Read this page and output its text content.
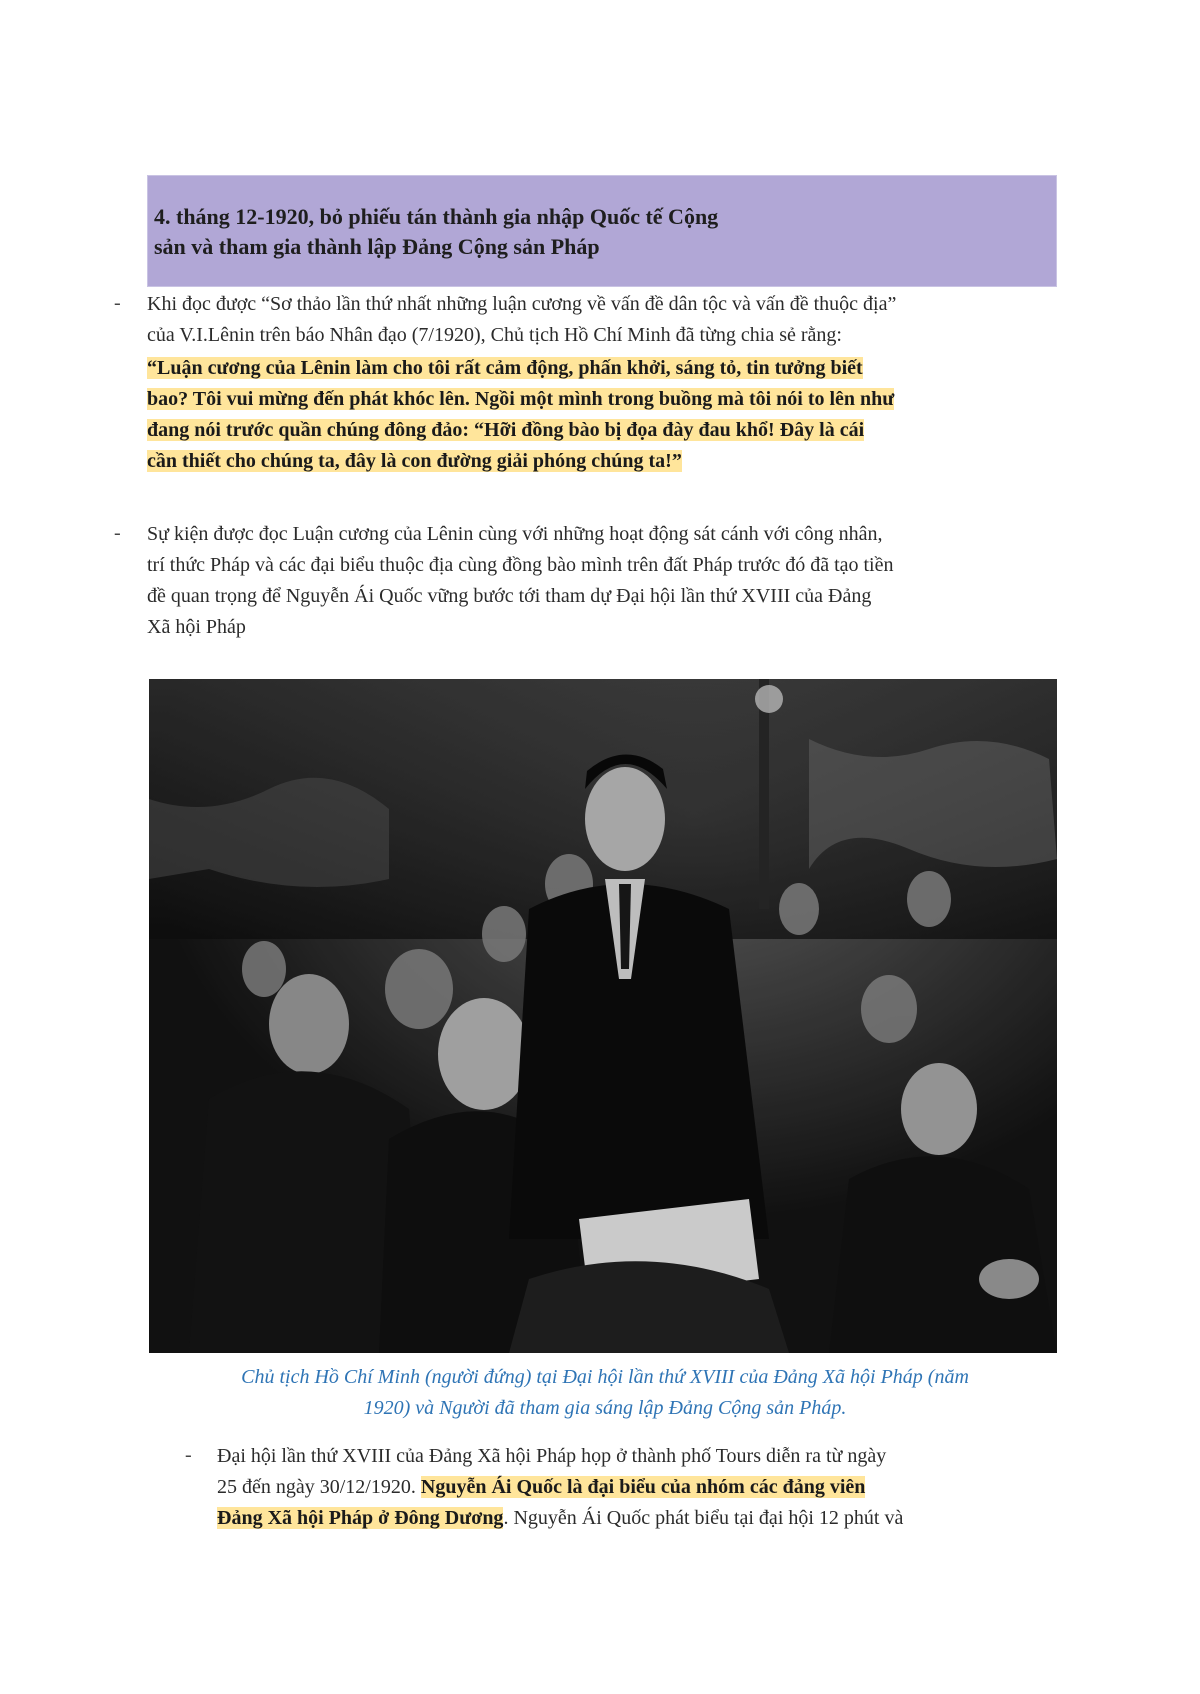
4. tháng 12-1920, bỏ phiếu tán thành gia nhập Quốc tế Cộng
sản và tham gia thành lập Đảng Cộng sản Pháp
- Khi đọc được “Sơ thảo lần thứ nhất những luận cương về vấn đề dân tộc và vấn đề thuộc địa”
của V.I.Lênin trên báo Nhân đạo (7/1920), Chủ tịch Hồ Chí Minh đã từng chia sẻ rằng:
“Luận cương của Lênin làm cho tôi rất cảm động, phấn khởi, sáng tỏ, tin tưởng biết
bao? Tôi vui mừng đến phát khóc lên. Ngồi một mình trong buồng mà tôi nói to lên như
đang nói trước quần chúng đông đảo: “Hỡi đồng bào bị đọa đày đau khổ! Đây là cái
cần thiết cho chúng ta, đây là con đường giải phóng chúng ta!”
- Sự kiện được đọc Luận cương của Lênin cùng với những hoạt động sát cánh với công nhân,
trí thức Pháp và các đại biểu thuộc địa cùng đồng bào mình trên đất Pháp trước đó đã tạo tiền
đề quan trọng để Nguyễn Ái Quốc vững bước tới tham dự Đại hội lần thứ XVIII của Đảng
Xã hội Pháp
Chủ tịch Hồ Chí Minh (người đứng) tại Đại hội lần thứ XVIII của Đảng Xã hội Pháp (năm
1920) và Người đã tham gia sáng lập Đảng Cộng sản Pháp.
- Đại hội lần thứ XVIII của Đảng Xã hội Pháp họp ở thành phố Tours diễn ra từ ngày
25 đến ngày 30/12/1920. Nguyễn Ái Quốc là đại biểu của nhóm các đảng viên
Đảng Xã hội Pháp ở Đông Dương. Nguyễn Ái Quốc phát biểu tại đại hội 12 phút và
